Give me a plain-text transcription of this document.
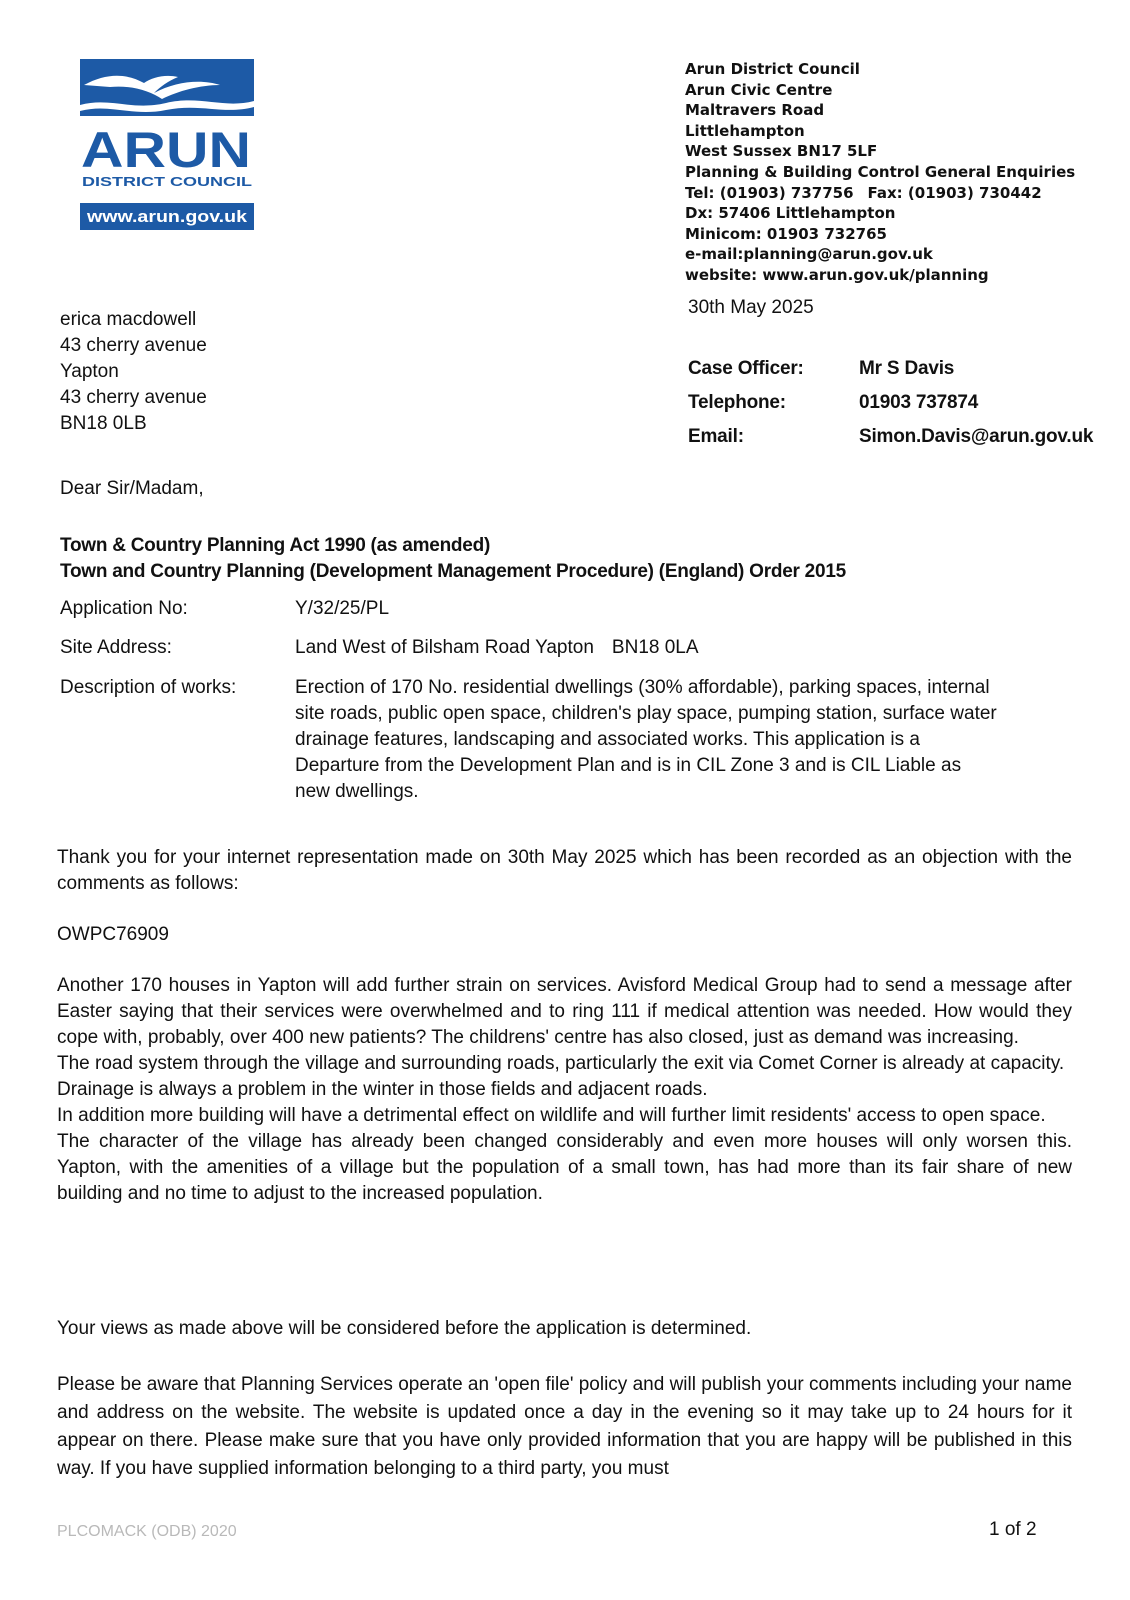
ARUN
DISTRICT COUNCIL
www.arun.gov.uk
Arun District Council
Arun Civic Centre
Maltravers Road
Littlehampton
West Sussex BN17 5LF
Planning & Building Control General Enquiries
Tel: (01903) 737756 Fax: (01903) 730442
Dx: 57406 Littlehampton
Minicom: 01903 732765
e-mail:planning@arun.gov.uk
website: www.arun.gov.uk/planning
30th May 2025
erica macdowell
43 cherry avenue
Yapton
43 cherry avenue
BN18 0LB
Case Officer:	Mr S Davis
Telephone:	01903 737874
Email:	Simon.Davis@arun.gov.uk
Dear Sir/Madam,
Town & Country Planning Act 1990 (as amended)
Town and Country Planning (Development Management Procedure) (England) Order 2015
Application No:	Y/32/25/PL
Site Address:	Land West of Bilsham Road Yapton BN18 0LA
Description of works:	Erection of 170 No. residential dwellings (30% affordable), parking spaces, internal
site roads, public open space, children's play space, pumping station, surface water
drainage features, landscaping and associated works. This application is a
Departure from the Development Plan and is in CIL Zone 3 and is CIL Liable as
new dwellings.
Thank you for your internet representation made on 30th May 2025 which has been recorded as an objection with the comments as follows:
OWPC76909

Another 170 houses in Yapton will add further strain on services. Avisford Medical Group had to send a message after Easter saying that their services were overwhelmed and to ring 111 if medical attention was needed. How would they cope with, probably, over 400 new patients? The childrens' centre has also closed, just as demand was increasing.

The road system through the village and surrounding roads, particularly the exit via Comet Corner is already at capacity.

Drainage is always a problem in the winter in those fields and adjacent roads.

In addition more building will have a detrimental effect on wildlife and will further limit residents' access to open space.

The character of the village has already been changed considerably and even more houses will only worsen this. Yapton, with the amenities of a village but the population of a small town, has had more than its fair share of new building and no time to adjust to the increased population.

Your views as made above will be considered before the application is determined.
Please be aware that Planning Services operate an 'open file' policy and will publish your comments including your name and address on the website. The website is updated once a day in the evening so it may take up to 24 hours for it appear on there. Please make sure that you have only provided information that you are happy will be published in this way. If you have supplied information belonging to a third party, you must
PLCOMACK (ODB) 2020	1 of 2
